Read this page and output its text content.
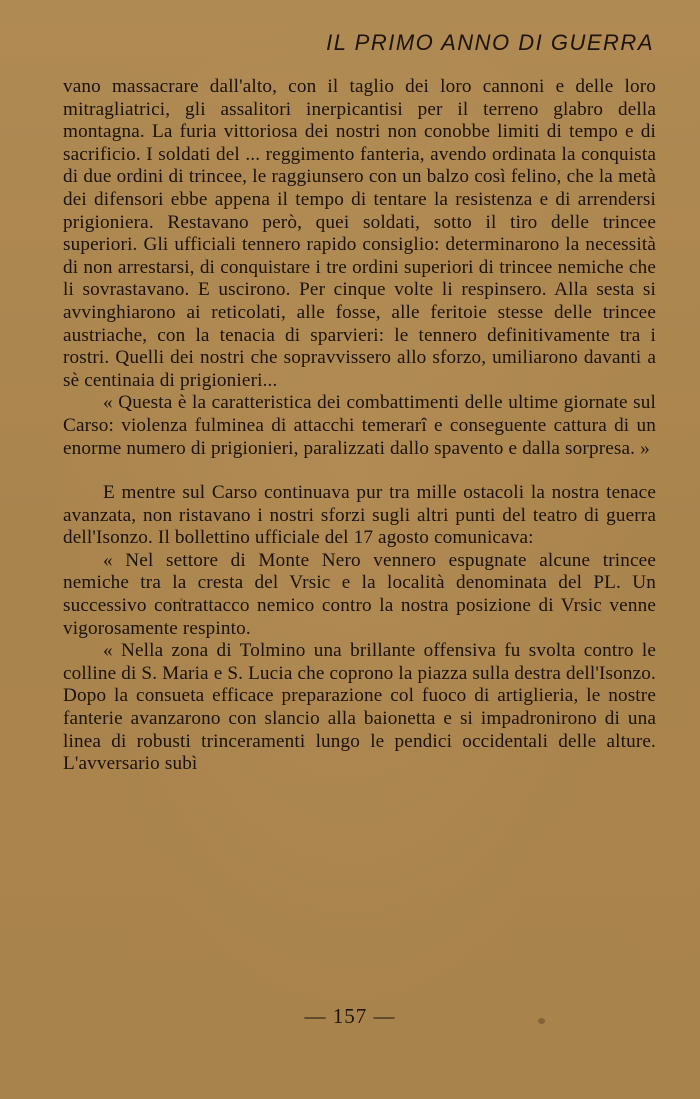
IL PRIMO ANNO DI GUERRA

vano massacrare dall'alto, con il taglio dei loro cannoni e delle loro mitragliatrici, gli assalitori inerpicantisi per il terreno glabro della montagna. La furia vittoriosa dei nostri non conobbe limiti di tempo e di sacrificio. I soldati del ... reggimento fanteria, avendo ordinata la conquista di due ordini di trincee, le raggiunsero con un balzo così felino, che la metà dei difensori ebbe appena il tempo di tentare la resistenza e di arrendersi prigioniera. Restavano però, quei soldati, sotto il tiro delle trincee superiori. Gli ufficiali tennero rapido consiglio: determinarono la necessità di non arrestarsi, di conquistare i tre ordini superiori di trincee nemiche che li sovrastavano. E uscirono. Per cinque volte li respinsero. Alla sesta si avvinghiarono ai reticolati, alle fosse, alle feritoie stesse delle trincee austriache, con la tenacia di sparvieri: le tennero definitivamente tra i rostri. Quelli dei nostri che sopravvissero allo sforzo, umiliarono davanti a sè centinaia di prigionieri...

« Questa è la caratteristica dei combattimenti delle ultime giornate sul Carso: violenza fulminea di attacchi temerarî e conseguente cattura di un enorme numero di prigionieri, paralizzati dallo spavento e dalla sorpresa. »

E mentre sul Carso continuava pur tra mille ostacoli la nostra tenace avanzata, non ristavano i nostri sforzi sugli altri punti del teatro di guerra dell'Isonzo. Il bollettino ufficiale del 17 agosto comunicava:

« Nel settore di Monte Nero vennero espugnate alcune trincee nemiche tra la cresta del Vrsic e la località denominata del PL. Un successivo contrattacco nemico contro la nostra posizione di Vrsic venne vigorosamente respinto.

« Nella zona di Tolmino una brillante offensiva fu svolta contro le colline di S. Maria e S. Lucia che coprono la piazza sulla destra dell'Isonzo. Dopo la consueta efficace preparazione col fuoco di artiglieria, le nostre fanterie avanzarono con slancio alla baionetta e si impadronirono di una linea di robusti trinceramenti lungo le pendici occidentali delle alture. L'avversario subì

— 157 —
